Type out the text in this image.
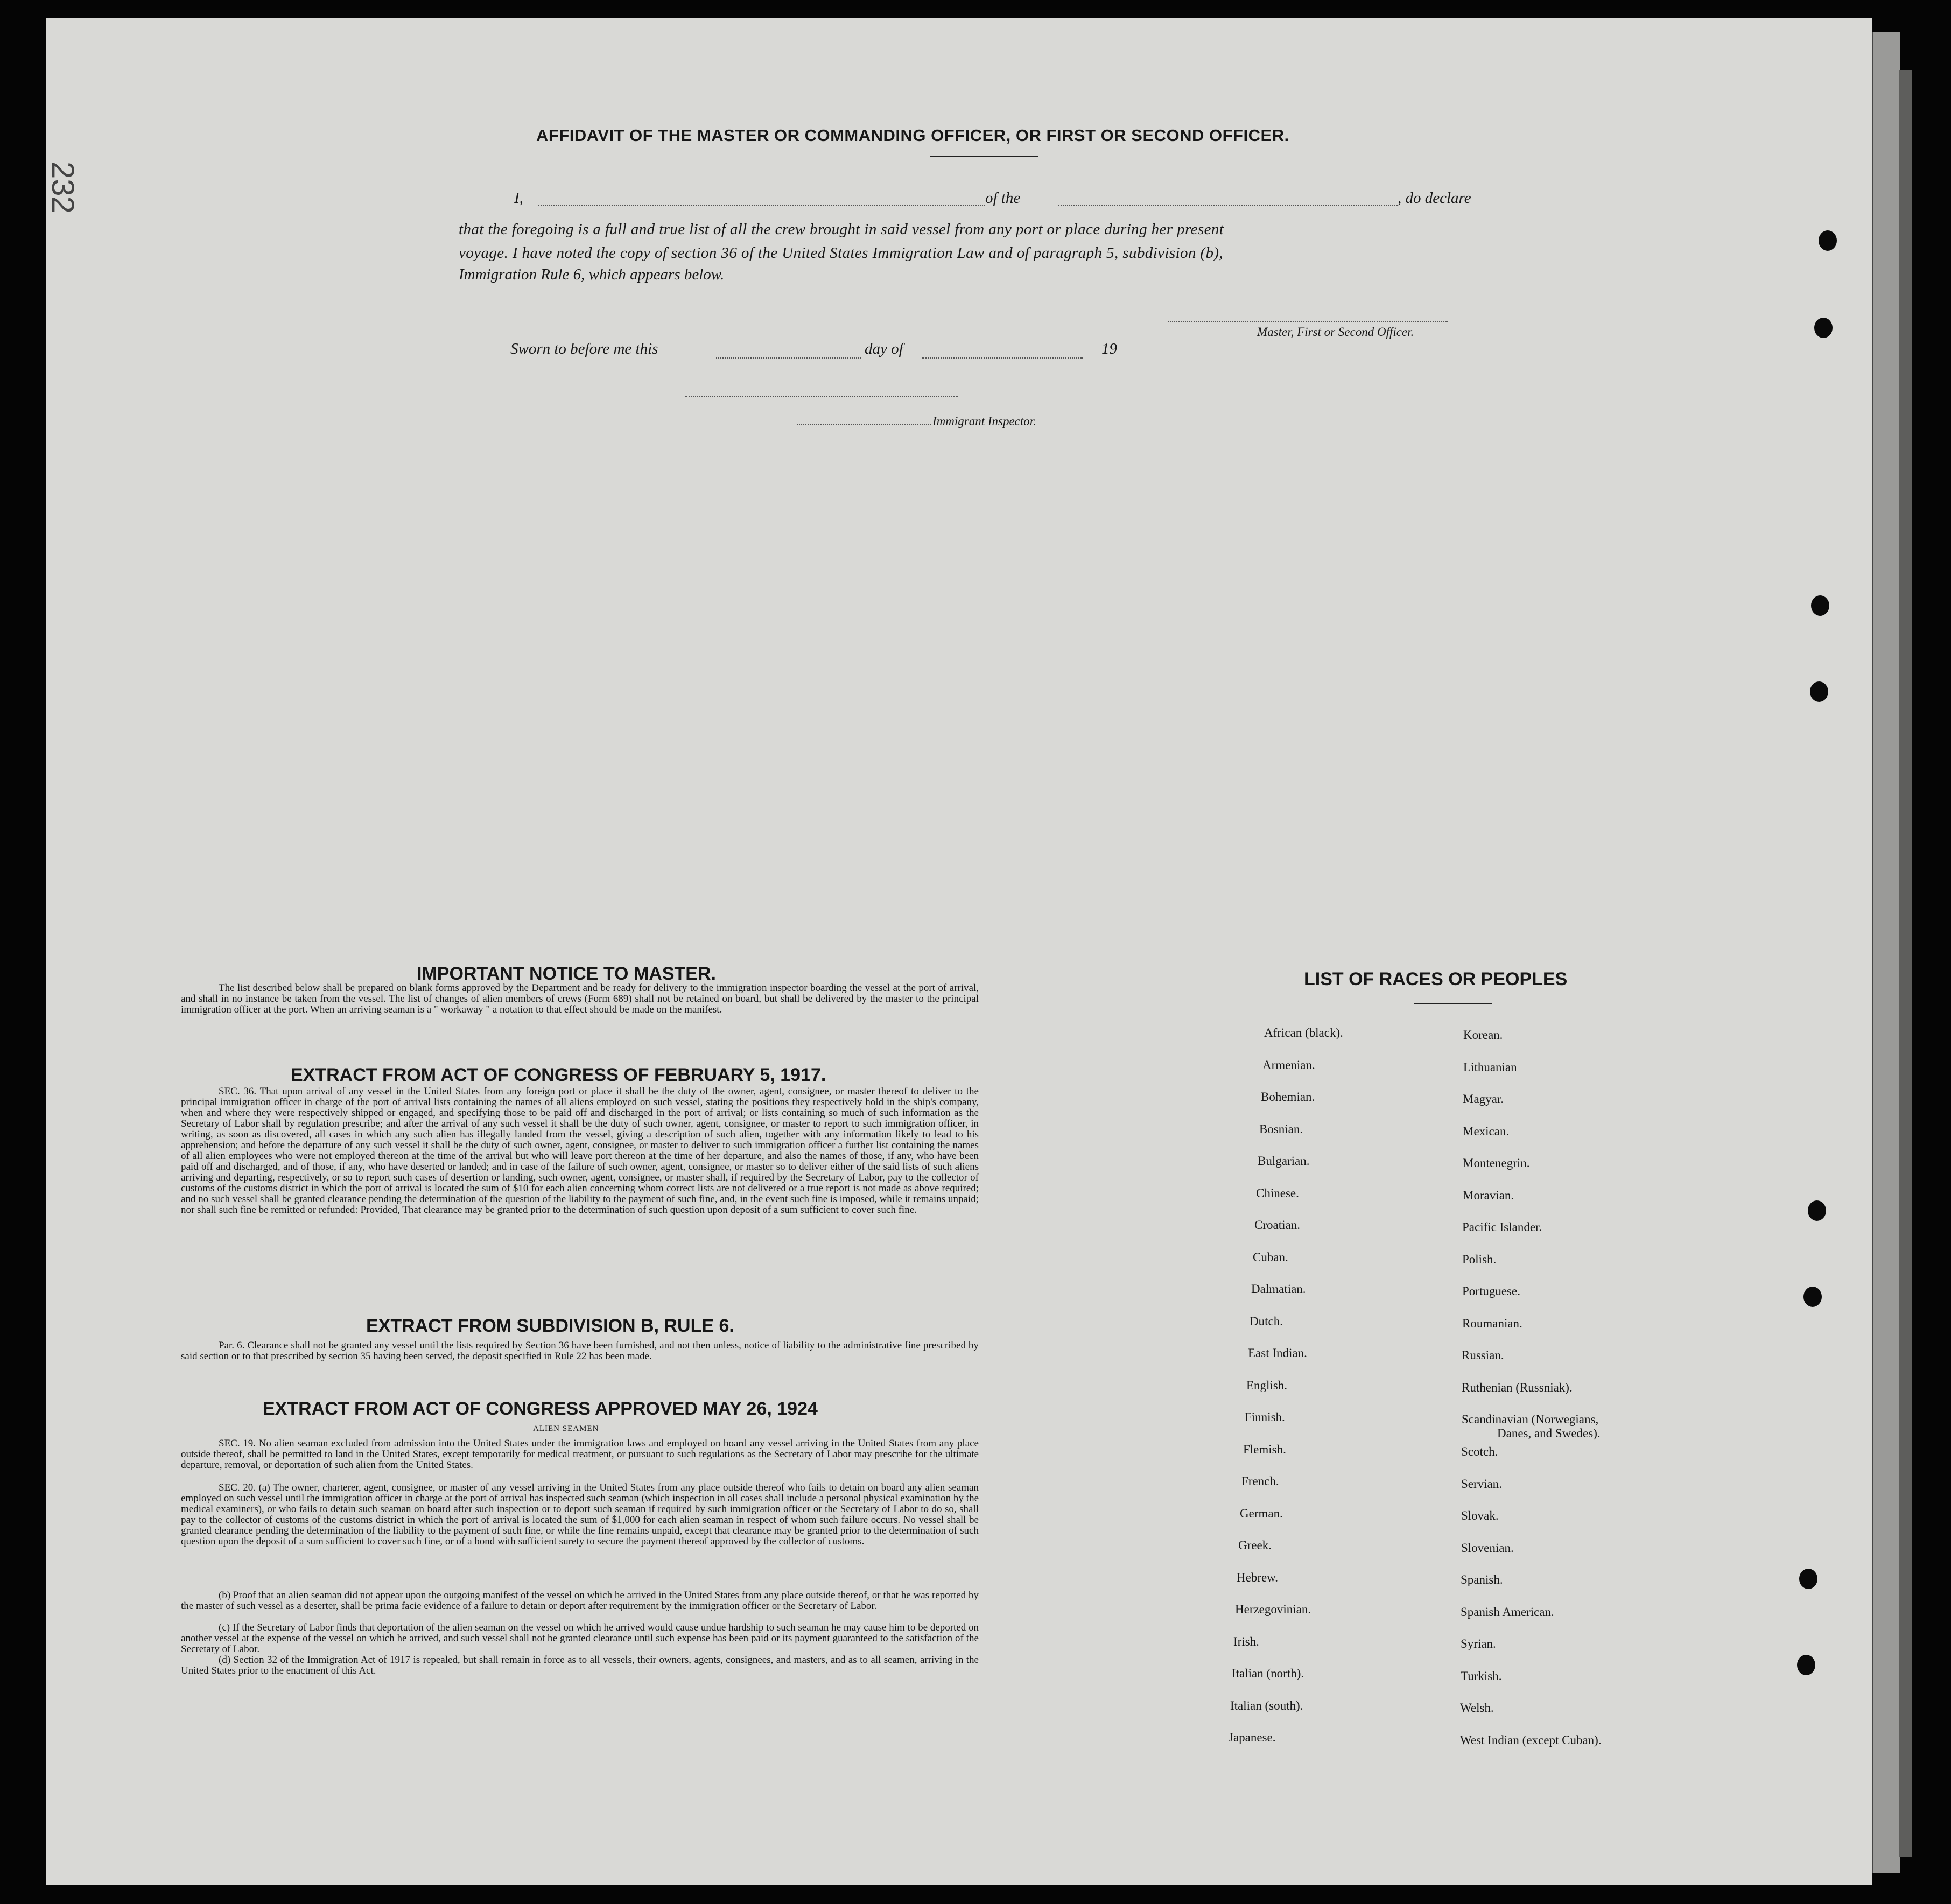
232
AFFIDAVIT OF THE MASTER OR COMMANDING OFFICER, OR FIRST OR SECOND OFFICER.
I,	of the	, do declare
that the foregoing is a full and true list of all the crew brought in said vessel from any port or place during her present
voyage. I have noted the copy of section 36 of the United States Immigration Law and of paragraph 5, subdivision (b),
Immigration Rule 6, which appears below.
Master, First or Second Officer.
Sworn to before me this	day of	19
Immigrant Inspector.
IMPORTANT NOTICE TO MASTER.
The list described below shall be prepared on blank forms approved by the Department and be ready for delivery to the immigration inspector boarding the vessel at the port of arrival, and shall in no instance be taken from the vessel. The list of changes of alien members of crews (Form 689) shall not be retained on board, but shall be delivered by the master to the principal immigration officer at the port. When an arriving seaman is a " workaway " a notation to that effect should be made on the manifest.
EXTRACT FROM ACT OF CONGRESS OF FEBRUARY 5, 1917.
SEC. 36. That upon arrival of any vessel in the United States from any foreign port or place it shall be the duty of the owner, agent, consignee, or master thereof to deliver to the principal immigration officer in charge of the port of arrival lists containing the names of all aliens employed on such vessel, stating the positions they respectively hold in the ship's company, when and where they were respectively shipped or engaged, and specifying those to be paid off and discharged in the port of arrival; or lists containing so much of such information as the Secretary of Labor shall by regulation prescribe; and after the arrival of any such vessel it shall be the duty of such owner, agent, consignee, or master to report to such immigration officer, in writing, as soon as discovered, all cases in which any such alien has illegally landed from the vessel, giving a description of such alien, together with any information likely to lead to his apprehension; and before the departure of any such vessel it shall be the duty of such owner, agent, consignee, or master to deliver to such immigration officer a further list containing the names of all alien employees who were not employed thereon at the time of the arrival but who will leave port thereon at the time of her departure, and also the names of those, if any, who have been paid off and discharged, and of those, if any, who have deserted or landed; and in case of the failure of such owner, agent, consignee, or master so to deliver either of the said lists of such aliens arriving and departing, respectively, or so to report such cases of desertion or landing, such owner, agent, consignee, or master shall, if required by the Secretary of Labor, pay to the collector of customs of the customs district in which the port of arrival is located the sum of $10 for each alien concerning whom correct lists are not delivered or a true report is not made as above required; and no such vessel shall be granted clearance pending the determination of the question of the liability to the payment of such fine, and, in the event such fine is imposed, while it remains unpaid; nor shall such fine be remitted or refunded: Provided, That clearance may be granted prior to the determination of such question upon deposit of a sum sufficient to cover such fine.
EXTRACT FROM SUBDIVISION B, RULE 6.
Par. 6. Clearance shall not be granted any vessel until the lists required by Section 36 have been furnished, and not then unless, notice of liability to the administrative fine prescribed by said section or to that prescribed by section 35 having been served, the deposit specified in Rule 22 has been made.
EXTRACT FROM ACT OF CONGRESS APPROVED MAY 26, 1924
ALIEN SEAMEN
SEC. 19. No alien seaman excluded from admission into the United States under the immigration laws and employed on board any vessel arriving in the United States from any place outside thereof, shall be permitted to land in the United States, except temporarily for medical treatment, or pursuant to such regulations as the Secretary of Labor may prescribe for the ultimate departure, removal, or deportation of such alien from the United States.
SEC. 20. (a) The owner, charterer, agent, consignee, or master of any vessel arriving in the United States from any place outside thereof who fails to detain on board any alien seaman employed on such vessel until the immigration officer in charge at the port of arrival has inspected such seaman (which inspection in all cases shall include a personal physical examination by the medical examiners), or who fails to detain such seaman on board after such inspection or to deport such seaman if required by such immigration officer or the Secretary of Labor to do so, shall pay to the collector of customs of the customs district in which the port of arrival is located the sum of $1,000 for each alien seaman in respect of whom such failure occurs. No vessel shall be granted clearance pending the determination of the liability to the payment of such fine, or while the fine remains unpaid, except that clearance may be granted prior to the determination of such question upon the deposit of a sum sufficient to cover such fine, or of a bond with sufficient surety to secure the payment thereof approved by the collector of customs.
(b) Proof that an alien seaman did not appear upon the outgoing manifest of the vessel on which he arrived in the United States from any place outside thereof, or that he was reported by the master of such vessel as a deserter, shall be prima facie evidence of a failure to detain or deport after requirement by the immigration officer or the Secretary of Labor.
(c) If the Secretary of Labor finds that deportation of the alien seaman on the vessel on which he arrived would cause undue hardship to such seaman he may cause him to be deported on another vessel at the expense of the vessel on which he arrived, and such vessel shall not be granted clearance until such expense has been paid or its payment guaranteed to the satisfaction of the Secretary of Labor.
(d) Section 32 of the Immigration Act of 1917 is repealed, but shall remain in force as to all vessels, their owners, agents, consignees, and masters, and as to all seamen, arriving in the United States prior to the enactment of this Act.
LIST OF RACES OR PEOPLES
African (black).
Armenian.
Bohemian.
Bosnian.
Bulgarian.
Chinese.
Croatian.
Cuban.
Dalmatian.
Dutch.
East Indian.
English.
Finnish.
Flemish.
French.
German.
Greek.
Hebrew.
Herzegovinian.
Irish.
Italian (north).
Italian (south).
Japanese.
Korean.
Lithuanian
Magyar.
Mexican.
Montenegrin.
Moravian.
Pacific Islander.
Polish.
Portuguese.
Roumanian.
Russian.
Ruthenian (Russniak).
Scandinavian (Norwegians,
Danes, and Swedes).
Scotch.
Servian.
Slovak.
Slovenian.
Spanish.
Spanish American.
Syrian.
Turkish.
Welsh.
West Indian (except Cuban).
